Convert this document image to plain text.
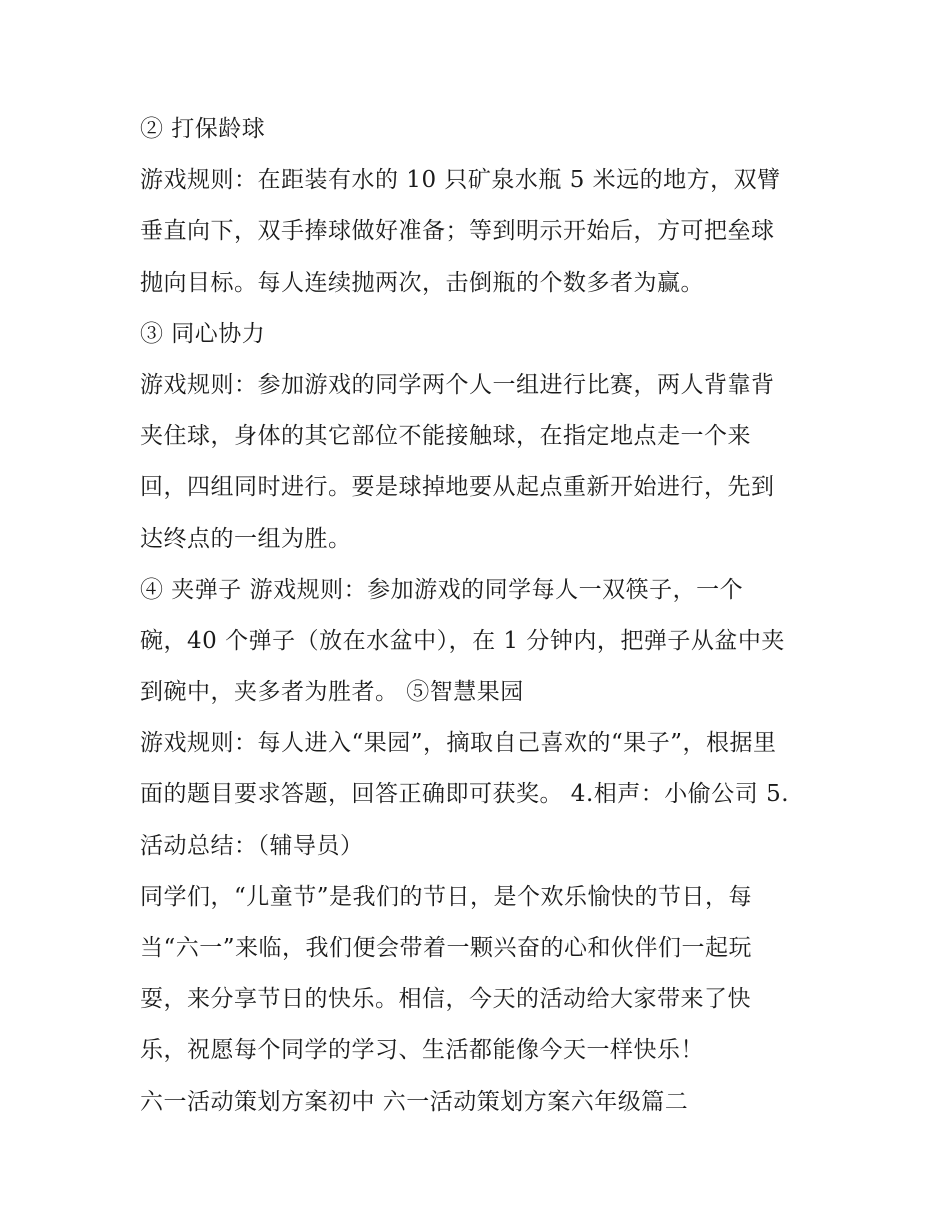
② 打保龄球
游戏规则：在距装有水的 10 只矿泉水瓶 5 米远的地方，双臂
垂直向下，双手捧球做好准备；等到明示开始后，方可把垒球
抛向目标。每人连续抛两次，击倒瓶的个数多者为赢。
③ 同心协力
游戏规则：参加游戏的同学两个人一组进行比赛，两人背靠背
夹住球，身体的其它部位不能接触球，在指定地点走一个来
回，四组同时进行。要是球掉地要从起点重新开始进行，先到
达终点的一组为胜。
④ 夹弹子 游戏规则：参加游戏的同学每人一双筷子，一个
碗，40 个弹子（放在水盆中），在 1 分钟内，把弹子从盆中夹
到碗中，夹多者为胜者。 ⑤智慧果园
游戏规则：每人进入“果园”，摘取自己喜欢的“果子”，根据里
面的题目要求答题，回答正确即可获奖。 4.相声：小偷公司 5.
活动总结：（辅导员）
同学们，“儿童节”是我们的节日，是个欢乐愉快的节日，每
当“六一”来临，我们便会带着一颗兴奋的心和伙伴们一起玩
耍，来分享节日的快乐。相信，今天的活动给大家带来了快
乐，祝愿每个同学的学习、生活都能像今天一样快乐！
六一活动策划方案初中 六一活动策划方案六年级篇二
